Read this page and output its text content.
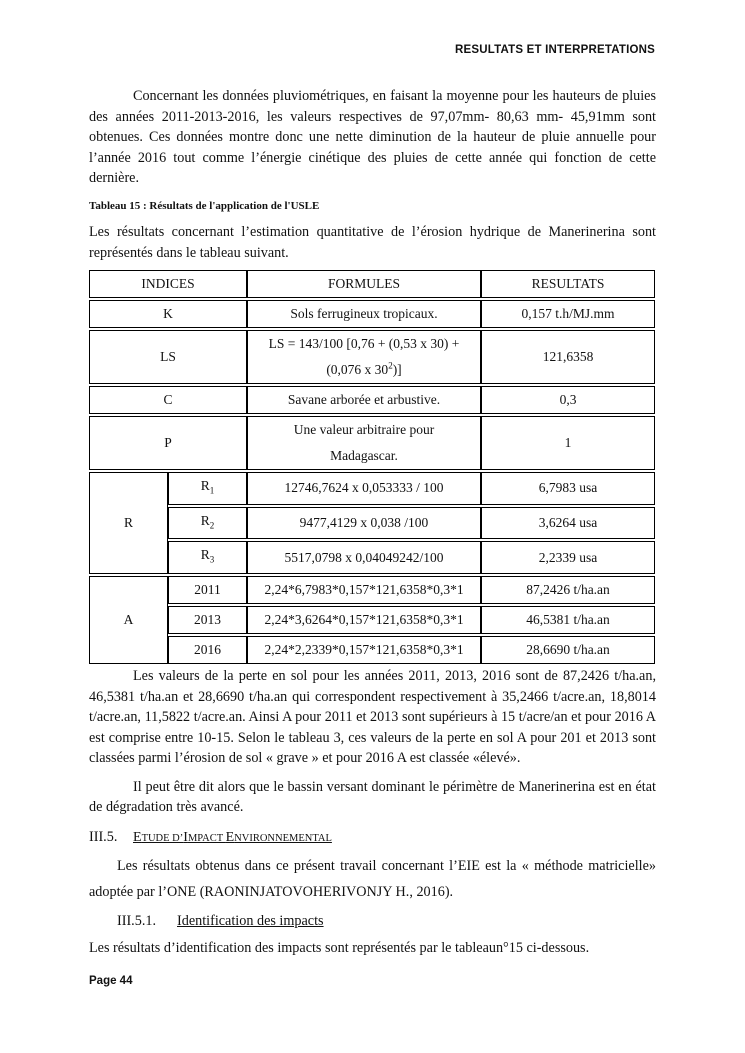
RESULTATS ET INTERPRETATIONS

Concernant les données pluviométriques, en faisant la moyenne pour les hauteurs de pluies des années 2011-2013-2016, les valeurs respectives de 97,07mm- 80,63 mm- 45,91mm sont obtenues. Ces données montre donc une nette diminution de la hauteur de pluie annuelle pour l’année 2016 tout comme l’énergie cinétique des pluies de cette année qui fonction de cette dernière.

Tableau 15 : Résultats de l'application de l'USLE

Les résultats concernant l’estimation quantitative de l’érosion hydrique de Manerinerina sont représentés dans le tableau suivant.

INDICES		FORMULES	RESULTATS
K		Sols ferrugineux tropicaux.	0,157 t.h/MJ.mm
LS		LS = 143/100 [0,76 + (0,53 x 30) +
(0,076 x $30^2$)]	121,6358
C		Savane arborée et arbustive.	0,3
P		Une valeur arbitraire pour
Madagascar.	1
R	$R_1$	12746,7624 x 0,053333 / 100	6,7983 usa
	$R_2$	9477,4129 x 0,038 /100	3,6264 usa
	$R_3$	5517,0798 x 0,04049242/100	2,2339 usa
A	2011	2,24*6,7983*0,157*121,6358*0,3*1	87,2426 t/ha.an
	2013	2,24*3,6264*0,157*121,6358*0,3*1	46,5381 t/ha.an
	2016	2,24*2,2339*0,157*121,6358*0,3*1	28,6690 t/ha.an

Les valeurs de la perte en sol pour les années 2011, 2013, 2016 sont de 87,2426 t/ha.an, 46,5381 t/ha.an et 28,6690 t/ha.an qui correspondent respectivement à 35,2466 t/acre.an, 18,8014 t/acre.an, 11,5822 t/acre.an. Ainsi A pour 2011 et 2013 sont supérieurs à 15 t/acre/an et pour 2016 A est comprise entre 10-15. Selon le tableau 3, ces valeurs de la perte en sol A pour 201 et 2013 sont classées parmi l’érosion de sol « grave » et pour 2016 A est classée «élevé».

Il peut être dit alors que le bassin versant dominant le périmètre de Manerinerina est en état de dégradation très avancé.

III.5. ETUDE D’IMPACT ENVIRONNEMENTAL

Les résultats obtenus dans ce présent travail concernant l’EIE est la « méthode matricielle» adoptée par l’ONE (RAONINJATOVOHERIVONJY H., 2016).

III.5.1. Identification des impacts

Les résultats d’identification des impacts sont représentés par le tableaun°15 ci-dessous.

Page 44
